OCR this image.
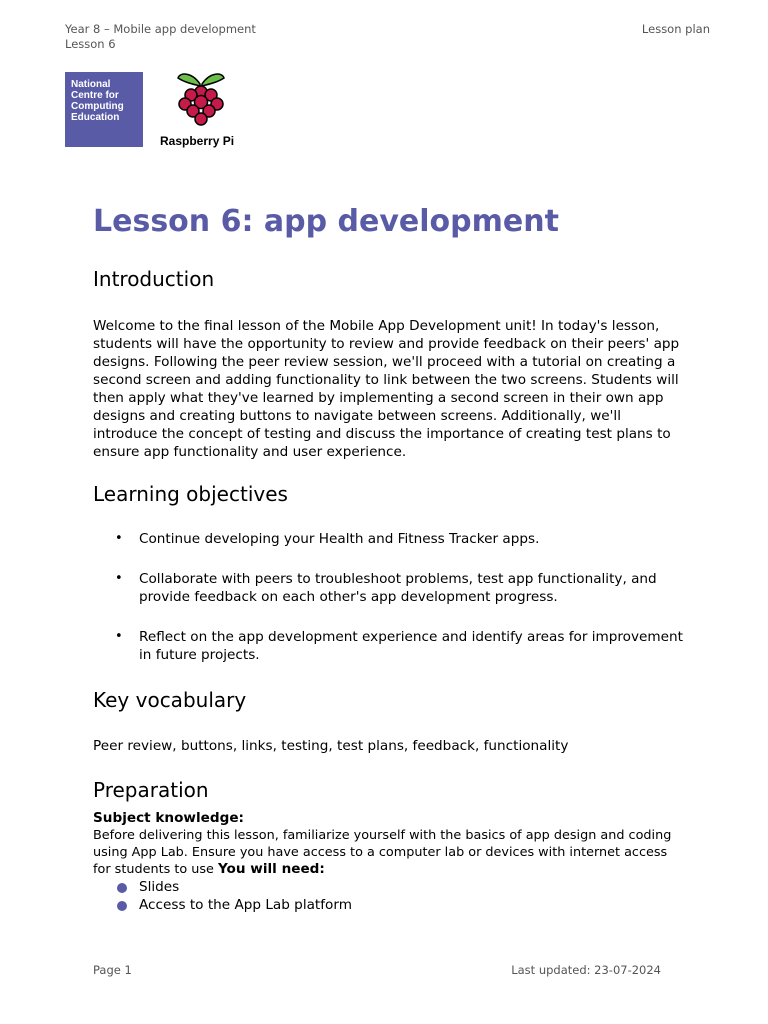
Year 8 – Mobile app development
Lesson 6
Lesson plan
National
Centre for
Computing
Education
Raspberry Pi
Lesson 6: app development
Introduction

Welcome to the final lesson of the Mobile App Development unit! In today's lesson, students will have the opportunity to review and provide feedback on their peers' app designs. Following the peer review session, we'll proceed with a tutorial on creating a second screen and adding functionality to link between the two screens. Students will then apply what they've learned by implementing a second screen in their own app designs and creating buttons to navigate between screens. Additionally, we'll introduce the concept of testing and discuss the importance of creating test plans to ensure app functionality and user experience.

Learning objectives
• Continue developing your Health and Fitness Tracker apps.
• Collaborate with peers to troubleshoot problems, test app functionality, and provide feedback on each other's app development progress.
• Reflect on the app development experience and identify areas for improvement in future projects.
Key vocabulary

Peer review, buttons, links, testing, test plans, feedback, functionality

Preparation
Subject knowledge:
Before delivering this lesson, familiarize yourself with the basics of app design and coding using App Lab. Ensure you have access to a computer lab or devices with internet access for students to use You will need:
Slides
Access to the App Lab platform
Page 1	Last updated: 23-07-2024
